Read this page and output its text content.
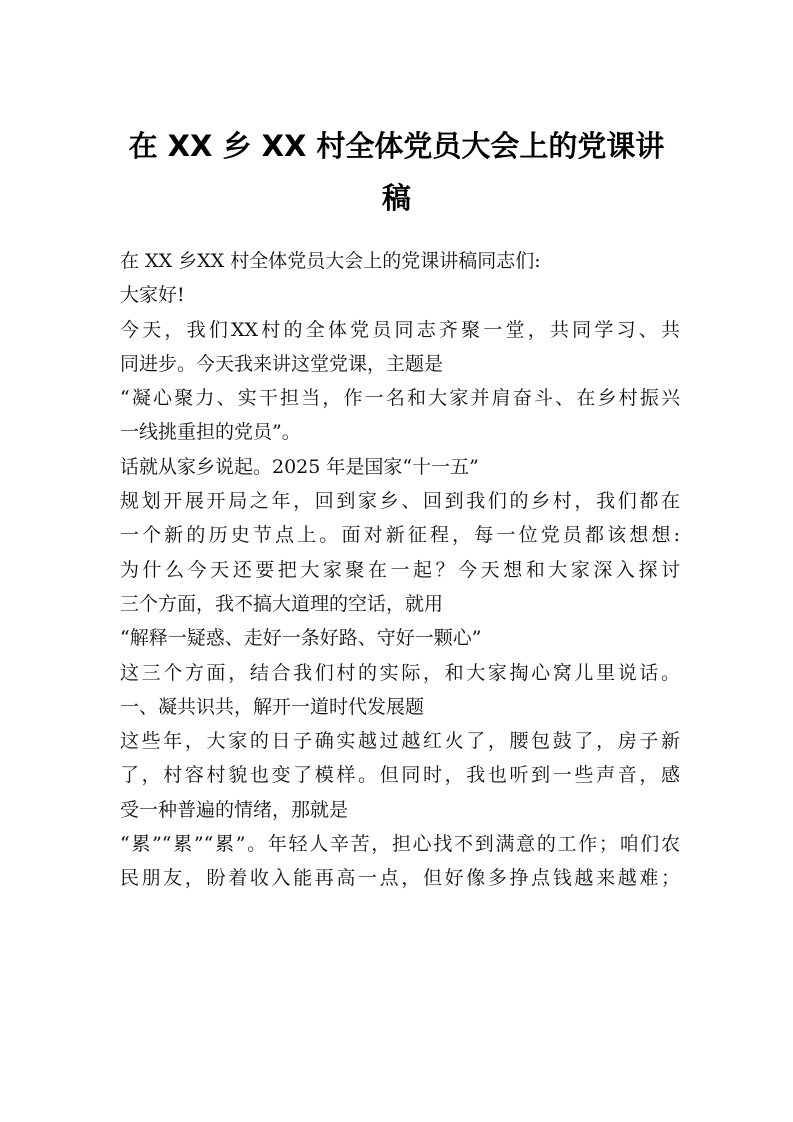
在 XX 乡 XX 村全体党员大会上的党课讲
稿
在 XX 乡XX 村全体党员大会上的党课讲稿同志们:
大家好!
今天，我们XX村的全体党员同志齐聚一堂，共同学习、共
同进步。今天我来讲这堂党课，主题是
“凝心聚力、实干担当，作一名和大家并肩奋斗、在乡村振兴
一线挑重担的党员”。
话就从家乡说起。2025 年是国家“十一五”
规划开展开局之年，回到家乡、回到我们的乡村，我们都在
一个新的历史节点上。面对新征程，每一位党员都该想想:
为什么今天还要把大家聚在一起？今天想和大家深入探讨
三个方面，我不搞大道理的空话，就用
“解释一疑惑、走好一条好路、守好一颗心”
这三个方面，结合我们村的实际，和大家掏心窝儿里说话。
一、凝共识共，解开一道时代发展题
这些年，大家的日子确实越过越红火了，腰包鼓了，房子新
了，村容村貌也变了模样。但同时，我也听到一些声音，感
受一种普遍的情绪，那就是
“累”“累”“累”。年轻人辛苦，担心找不到满意的工作；咱们农
民朋友，盼着收入能再高一点，但好像多挣点钱越来越难；
